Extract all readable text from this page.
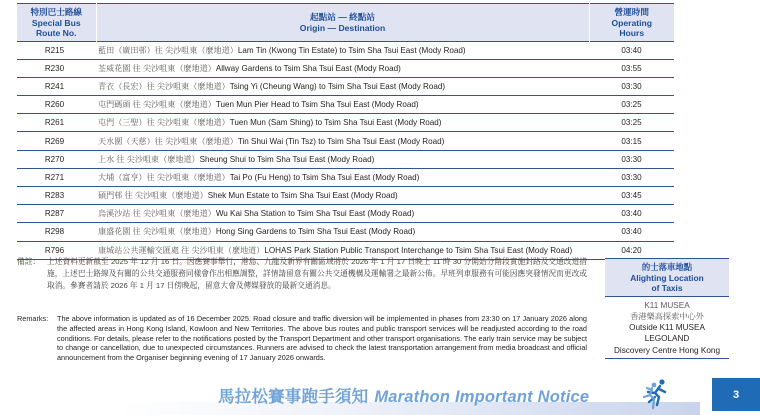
特別巴士路線
Special Bus
Route No.

起點站 — 終點站
Origin — Destination

營運時間
Operating
Hours

R215	藍田（廣田邨）往 尖沙咀東（麼地道）Lam Tin (Kwong Tin Estate) to Tsim Sha Tsui East (Mody Road)	03:40
R230	荃威花園 往 尖沙咀東（麼地道）Allway Gardens to Tsim Sha Tsui East (Mody Road)	03:55
R241	青衣（長宏）往 尖沙咀東（麼地道）Tsing Yi (Cheung Wang) to Tsim Sha Tsui East (Mody Road)	03:30
R260	屯門碼頭 往 尖沙咀東（麼地道）Tuen Mun Pier Head to Tsim Sha Tsui East (Mody Road)	03:25
R261	屯門（三聖）往 尖沙咀東（麼地道）Tuen Mun (Sam Shing) to Tsim Sha Tsui East (Mody Road)	03:25
R269	天水圍（天慈）往 尖沙咀東（麼地道）Tin Shui Wai (Tin Tsz) to Tsim Sha Tsui East (Mody Road)	03:15
R270	上水 往 尖沙咀東（麼地道）Sheung Shui to Tsim Sha Tsui East (Mody Road)	03:30
R271	大埔（富亨）往 尖沙咀東（麼地道）Tai Po (Fu Heng) to Tsim Sha Tsui East (Mody Road)	03:30
R283	碩門邨 往 尖沙咀東（麼地道）Shek Mun Estate to Tsim Sha Tsui East (Mody Road)	03:45
R287	烏溪沙站 往 尖沙咀東（麼地道）Wu Kai Sha Station to Tsim Sha Tsui East (Mody Road)	03:40
R298	康盛花園 往 尖沙咀東（麼地道）Hong Sing Gardens to Tsim Sha Tsui East (Mody Road)	03:40
R796	康城站公共運輸交匯處 往 尖沙咀東（麼地道）LOHAS Park Station Public Transport Interchange to Tsim Sha Tsui East (Mody Road)	04:20
備註： 上述資料更新截至 2025 年 12 月 16 日。因應賽事舉行，港島、九龍及新界有關區域將於 2026 年 1 月 17 日晚上 11 時 30 分開始分階段實施封路及交通改道措施，上述巴士路線及有關的公共交通服務同樣會作出相應調整，詳情請留意有關公共交通機構及運輸署之最新公佈。早班列車服務有可能因應突發情況而更改或取消。參賽者請於 2026 年 1 月 17 日傍晚起，留意大會及傳媒發放的最新交通消息。
Remarks: The above information is updated as of 16 December 2025. Road closure and traffic diversion will be implemented in phases from 23:30 on 17 January 2026 along the affected areas in Hong Kong Island, Kowloon and New Territories. The above bus routes and public transport services will be readjusted according to the road conditions. For details, please refer to the notifications posted by the Transport Department and other transport organisations. The early train service may be subject to change or cancellation, due to unexpected circumstances. Runners are advised to check the latest transportation arrangement from media broadcast and official announcement from the Organiser beginning evening of 17 January 2026 onwards.
的士落車地點
Alighting Location
of Taxis
K11 MUSEA
香港樂高探索中心外
Outside K11 MUSEA
LEGOLAND
Discovery Centre Hong Kong
馬拉松賽事跑手須知 Marathon Important Notice	3
